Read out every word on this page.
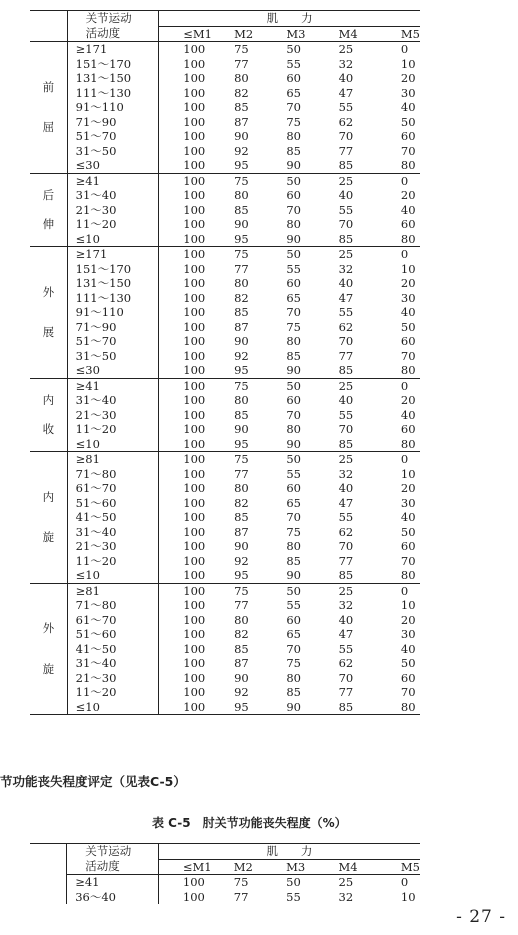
	关节运动	肌　　力				
	活动度	≤M1	M2	M3	M4	M5

前
屈	≥171	100	75	50	25	0
	151～170	100	77	55	32	10
	131～150	100	80	60	40	20
	111～130	100	82	65	47	30
	91～110	100	85	70	55	40
	71～90	100	87	75	62	50
	51～70	100	90	80	70	60
	31～50	100	92	85	77	70
	≤30	100	95	90	85	80

后
伸	≥41	100	75	50	25	0
	31～40	100	80	60	40	20
	21～30	100	85	70	55	40
	11～20	100	90	80	70	60
	≤10	100	95	90	85	80

外
展	≥171	100	75	50	25	0
	151～170	100	77	55	32	10
	131～150	100	80	60	40	20
	111～130	100	82	65	47	30
	91～110	100	85	70	55	40
	71～90	100	87	75	62	50
	51～70	100	90	80	70	60
	31～50	100	92	85	77	70
	≤30	100	95	90	85	80

内
收	≥41	100	75	50	25	0
	31～40	100	80	60	40	20
	21～30	100	85	70	55	40
	11～20	100	90	80	70	60
	≤10	100	95	90	85	80

内
旋	≥81	100	75	50	25	0
	71～80	100	77	55	32	10
	61～70	100	80	60	40	20
	51～60	100	82	65	47	30
	41～50	100	85	70	55	40
	31～40	100	87	75	62	50
	21～30	100	90	80	70	60
	11～20	100	92	85	77	70
	≤10	100	95	90	85	80

外
旋	≥81	100	75	50	25	0
	71～80	100	77	55	32	10
	61～70	100	80	60	40	20
	51～60	100	82	65	47	30
	41～50	100	85	70	55	40
	31～40	100	87	75	62	50
	21～30	100	90	80	70	60
	11～20	100	92	85	77	70
	≤10	100	95	90	85	80
节功能丧失程度评定（见表C-5）
表 C-5　肘关节功能丧失程度（%）
	关节运动	肌　　力				
	活动度	≤M1	M2	M3	M4	M5
	≥41	100	75	50	25	0
	36～40	100	77	55	32	10
- 27 -
